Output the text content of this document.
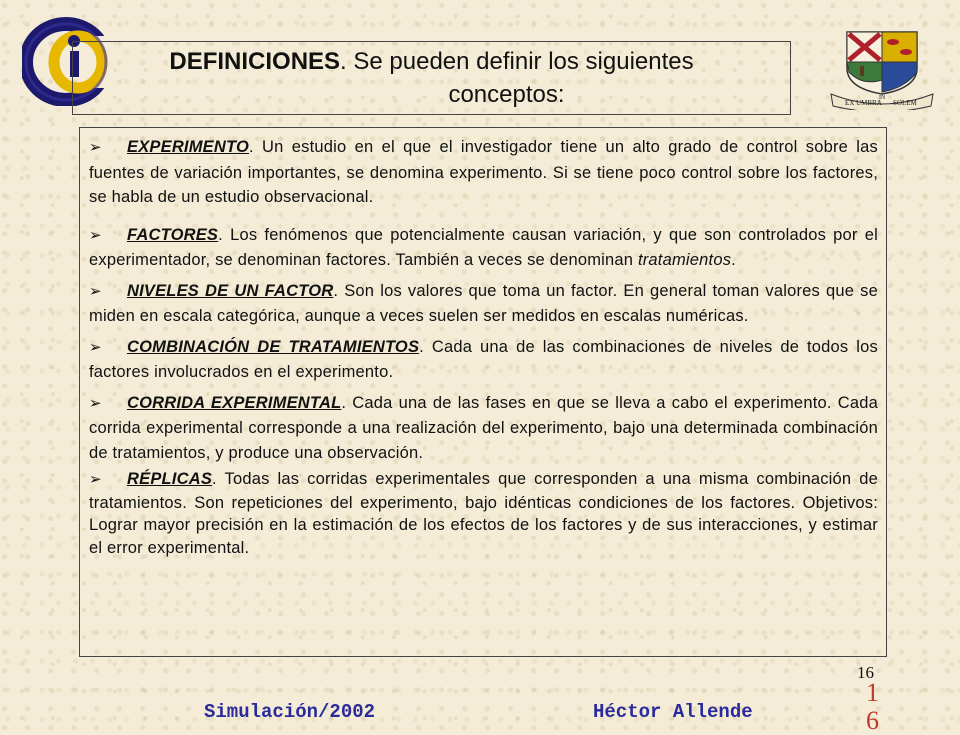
DEFINICIONES. Se pueden definir los siguientes
conceptos:	EX UMBRA
IN
SOLEM
➢ EXPERIMENTO. Un estudio en el que el investigador tiene un alto grado de control sobre las fuentes de variación importantes, se denomina experimento. Si se tiene poco control sobre los factores, se habla de un estudio observacional.
➢ FACTORES. Los fenómenos que potencialmente causan variación, y que son controlados por el experimentador, se denominan factores. También a veces se denominan tratamientos.
➢ NIVELES DE UN FACTOR. Son los valores que toma un factor. En general toman valores que se miden en escala categórica, aunque a veces suelen ser medidos en escalas numéricas.
➢ COMBINACIÓN DE TRATAMIENTOS. Cada una de las combinaciones de niveles de todos los factores involucrados en el experimento.
➢ CORRIDA EXPERIMENTAL. Cada una de las fases en que se lleva a cabo el experimento. Cada corrida experimental corresponde a una realización del experimento, bajo una determinada combinación de tratamientos, y produce una observación.
➢ RÉPLICAS. Todas las corridas experimentales que corresponden a una misma combinación de tratamientos. Son repeticiones del experimento, bajo idénticas condiciones de los factores. Objetivos: Lograr mayor precisión en la estimación de los efectos de los factores y de sus interacciones, y estimar el error experimental.
16
1
6
Simulación/2002	Héctor Allende
